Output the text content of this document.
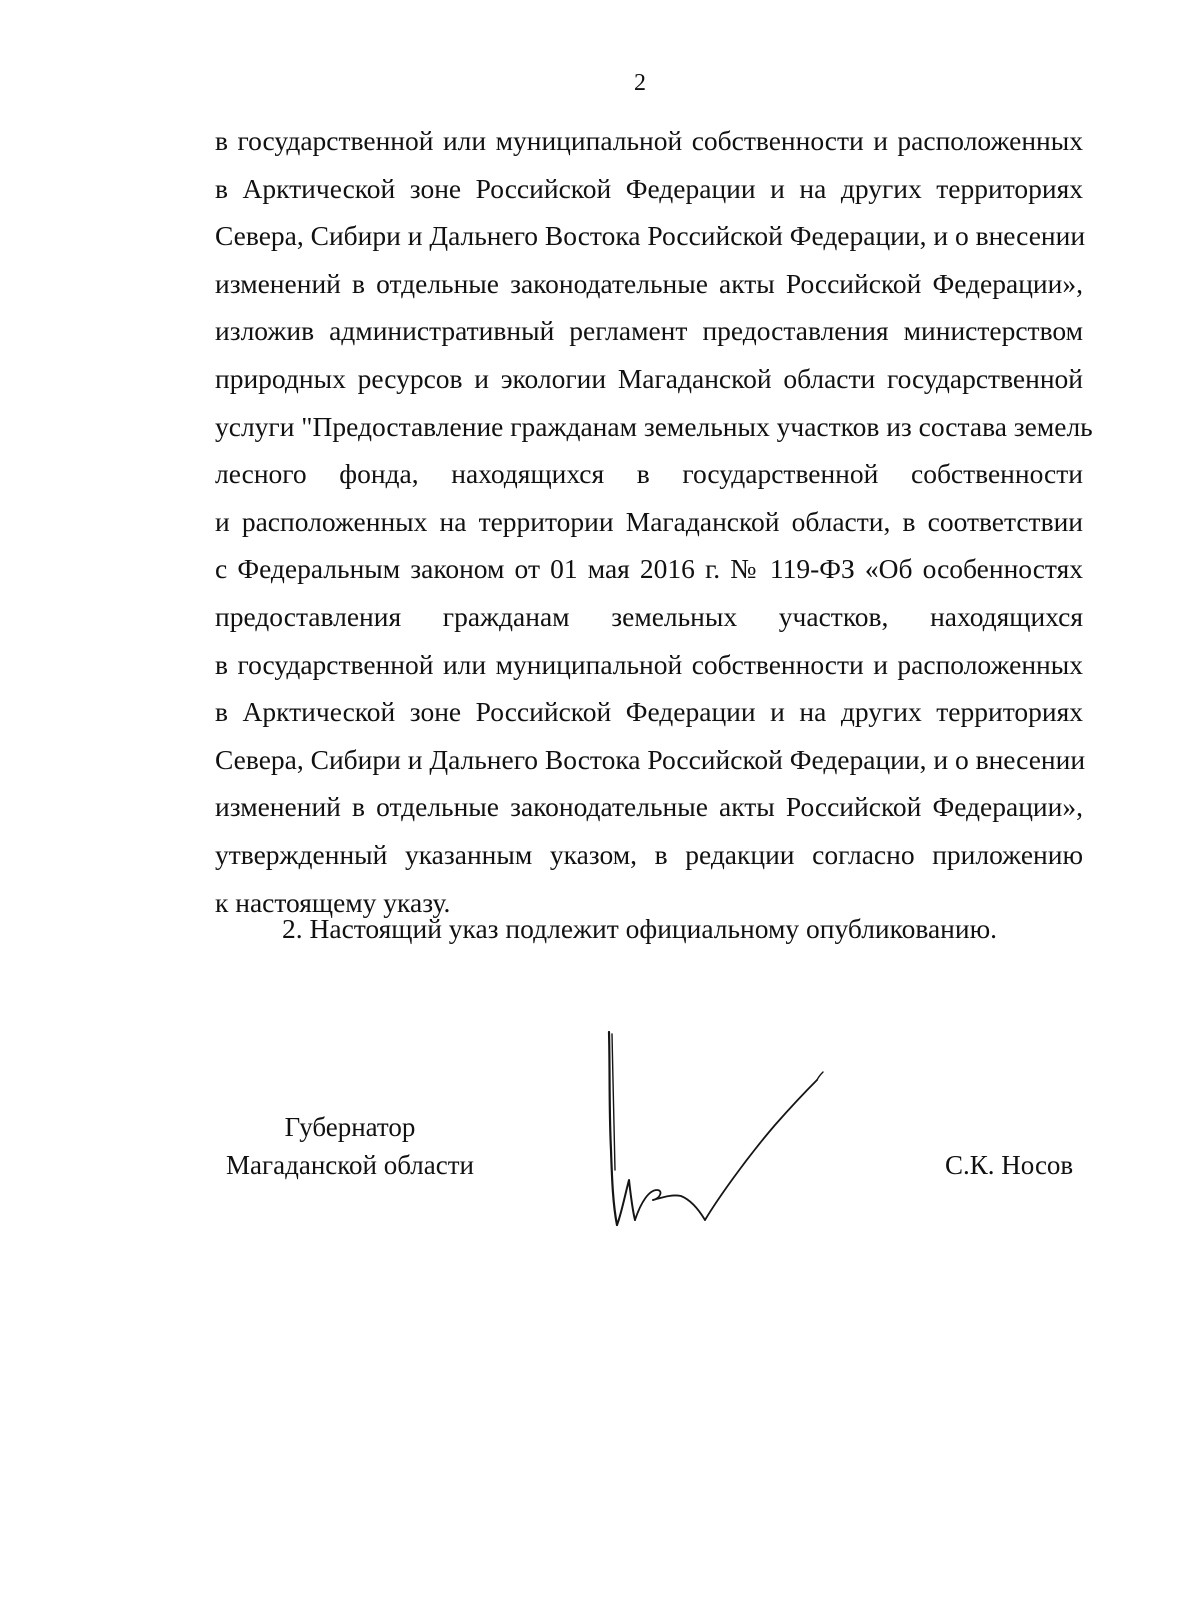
2
в государственной или муниципальной собственности и расположенных
в Арктической зоне Российской Федерации и на других территориях
Севера, Сибири и Дальнего Востока Российской Федерации, и о внесении
изменений в отдельные законодательные акты Российской Федерации»,
изложив административный регламент предоставления министерством
природных ресурсов и экологии Магаданской области государственной
услуги "Предоставление гражданам земельных участков из состава земель
лесного фонда, находящихся в государственной собственности
и расположенных на территории Магаданской области, в соответствии
с Федеральным законом от 01 мая 2016 г. № 119-ФЗ «Об особенностях
предоставления гражданам земельных участков, находящихся
в государственной или муниципальной собственности и расположенных
в Арктической зоне Российской Федерации и на других территориях
Севера, Сибири и Дальнего Востока Российской Федерации, и о внесении
изменений в отдельные законодательные акты Российской Федерации»,
утвержденный указанным указом, в редакции согласно приложению
к настоящему указу.
2. Настоящий указ подлежит официальному опубликованию.
Губернатор
Магаданской области	С.К. Носов
